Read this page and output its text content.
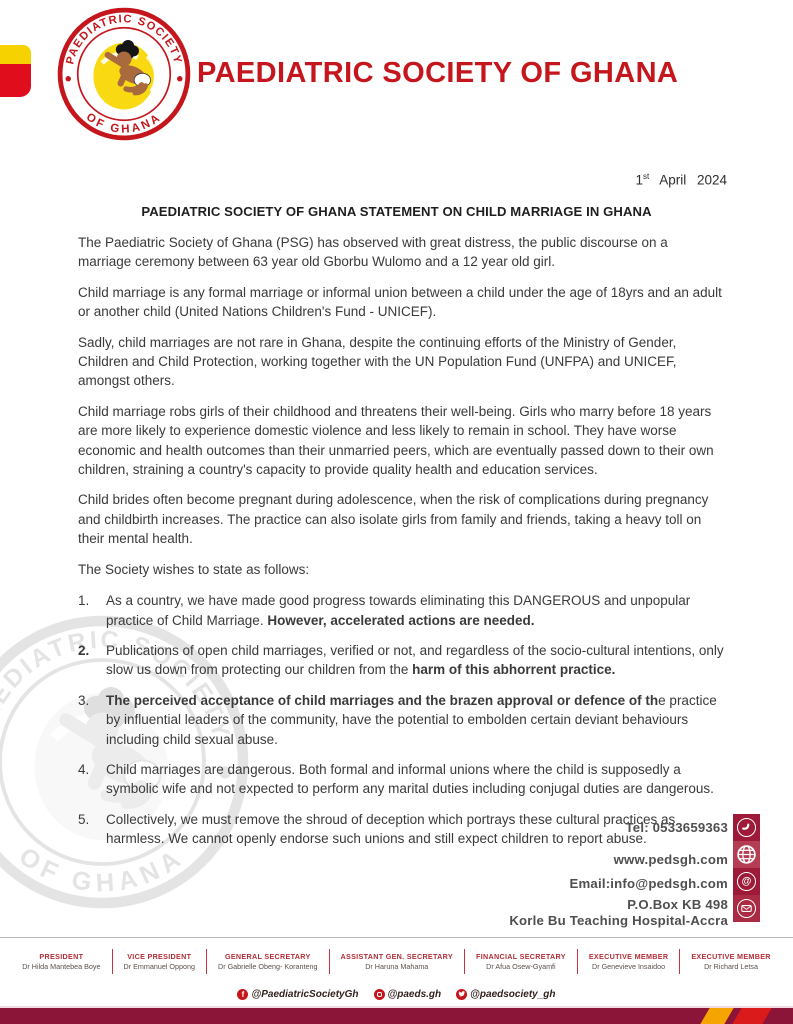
PAEDIATRIC SOCIETY OF GHANA
1st April 2024
PAEDIATRIC SOCIETY OF GHANA STATEMENT ON CHILD MARRIAGE IN GHANA

The Paediatric Society of Ghana (PSG) has observed with great distress, the public discourse on a marriage ceremony between 63 year old Gborbu Wulomo and a 12 year old girl.

Child marriage is any formal marriage or informal union between a child under the age of 18yrs and an adult or another child (United Nations Children's Fund - UNICEF).

Sadly, child marriages are not rare in Ghana, despite the continuing efforts of the Ministry of Gender, Children and Child Protection, working together with the UN Population Fund (UNFPA) and UNICEF, amongst others.

Child marriage robs girls of their childhood and threatens their well-being. Girls who marry before 18 years are more likely to experience domestic violence and less likely to remain in school. They have worse economic and health outcomes than their unmarried peers, which are eventually passed down to their own children, straining a country's capacity to provide quality health and education services.

Child brides often become pregnant during adolescence, when the risk of complications during pregnancy and childbirth increases. The practice can also isolate girls from family and friends, taking a heavy toll on their mental health.

The Society wishes to state as follows:

1.	As a country, we have made good progress towards eliminating this DANGEROUS and unpopular practice of Child Marriage. However, accelerated actions are needed.
2.	Publications of open child marriages, verified or not, and regardless of the socio-cultural intentions, only slow us down from protecting our children from the harm of this abhorrent practice.
3.	The perceived acceptance of child marriages and the brazen approval or defence of the practice by influential leaders of the community, have the potential to embolden certain deviant behaviours including child sexual abuse.
4.	Child marriages are dangerous. Both formal and informal unions where the child is supposedly a symbolic wife and not expected to perform any marital duties including conjugal duties are dangerous.
5.	Collectively, we must remove the shroud of deception which portrays these cultural practices as harmless. We cannot openly endorse such unions and still expect children to report abuse.
Tel: 0533659363
www.pedsgh.com
Email:info@pedsgh.com
P.O.Box KB 498
Korle Bu Teaching Hospital-Accra
@
PRESIDENT
Dr Hilda Mantebea Boye
VICE PRESIDENT
Dr Emmanuel Oppong
GENERAL SECRETARY
Dr Gabrielle Obeng- Koranteng
ASSISTANT GEN. SECRETARY
Dr Haruna Mahama
FINANCIAL SECRETARY
Dr Afua Osew-Gyamfi
EXECUTIVE MEMBER
Dr Genevieve Insaidoo
EXECUTIVE MEMBER
Dr Richard Letsa
f @PaediatricSocietyGh	@paeds.gh	@paedsociety_gh
